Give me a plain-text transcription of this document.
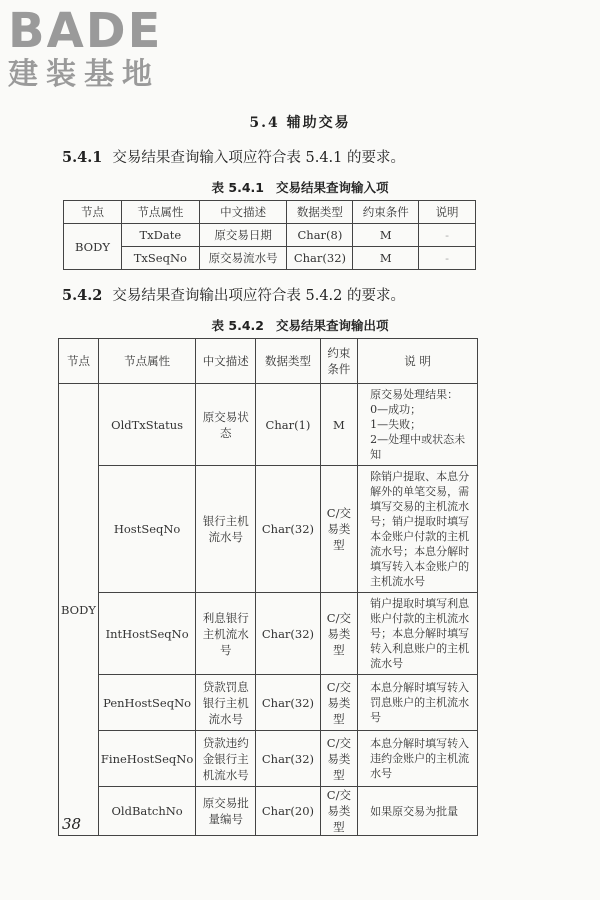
BADE
建装基地
5.4 辅助交易
5.4.1 交易结果查询输入项应符合表 5.4.1 的要求。
表 5.4.1 交易结果查询输入项
节点	节点属性	中文描述	数据类型	约束条件	说明
BODY	TxDate	原交易日期	Char(8)	M	-
	TxSeqNo	原交易流水号	Char(32)	M	-
5.4.2 交易结果查询输出项应符合表 5.4.2 的要求。
表 5.4.2 交易结果查询输出项
节点	节点属性	中文描述	数据类型	约束条件	说 明
BODY	OldTxStatus	原交易状态	Char(1)	M	原交易处理结果：
0—成功；
1—失败；
2—处理中或状态未知

	HostSeqNo	银行主机流水号	Char(32)	C/交易类型	除销户提取、本息分解外的单笔交易，需填写交易的主机流水号；销户提取时填写本金账户付款的主机流水号；本息分解时填写转入本金账户的主机流水号
	IntHostSeqNo	利息银行主机流水号	Char(32)	C/交易类型	销户提取时填写利息账户付款的主机流水号；本息分解时填写转入利息账户的主机流水号
	PenHostSeqNo	贷款罚息银行主机流水号	Char(32)	C/交易类型	本息分解时填写转入罚息账户的主机流水号
	FineHostSeqNo	贷款违约金银行主机流水号	Char(32)	C/交易类型	本息分解时填写转入违约金账户的主机流水号
	OldBatchNo	原交易批量编号	Char(20)	C/交易类型	如果原交易为批量
38
